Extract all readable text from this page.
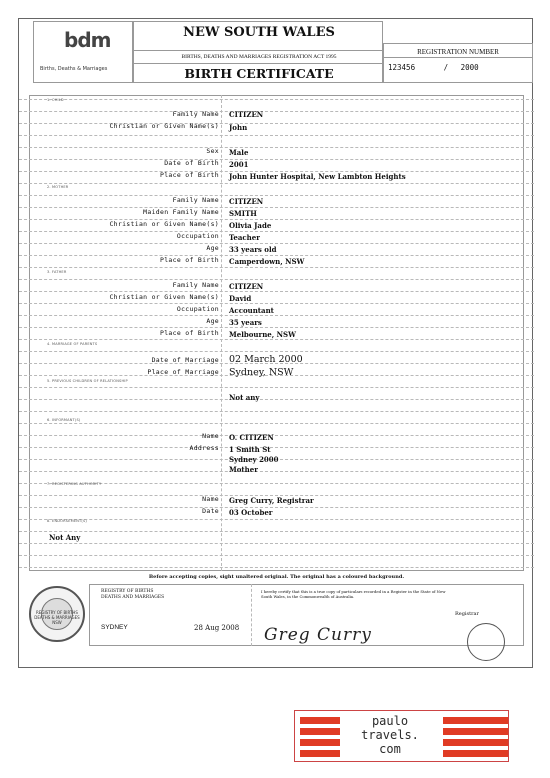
bdm
Births, Deaths & Marriages
NEW SOUTH WALES
BIRTHS, DEATHS AND MARRIAGES REGISTRATION ACT 1995
BIRTH CERTIFICATE
REGISTRATION NUMBER
123456	/ 2000
1. CHILD
Family Name CITIZEN
Christian or Given Name(s) John
Sex Male
Date of Birth 2001
Place of Birth John Hunter Hospital, New Lambton Heights
2. MOTHER
Family Name CITIZEN
Maiden Family Name SMITH
Christian or Given Name(s) Olivia Jade
Occupation Teacher
Age 33 years old
Place of Birth Camperdown, NSW
3. FATHER
Family Name CITIZEN
Christian or Given Name(s) David
Occupation Accountant
Age 35 years
Place of Birth Melbourne, NSW
4. MARRIAGE OF PARENTS
Date of Marriage 02 March 2000
Place of Marriage Sydney, NSW
5. PREVIOUS CHILDREN OF RELATIONSHIP
Not any
6. INFORMANT(S)
Name O. CITIZEN
Address 1 Smith St
Sydney 2000
Mother
7. REGISTERING AUTHORITY
Name Greg Curry, Registrar
Date 03 October
8. ENDORSEMENT(S)
Not Any
Before accepting copies, sight unaltered original. The original has a coloured background.
REGISTRY OF BIRTHS DEATHS & MARRIAGES NSW
REGISTRY OF BIRTHS
DEATHS AND MARRIAGES
I hereby certify that this is a true copy of particulars recorded in a Register in the State of New South Wales, in the Commonwealth of Australia.
Registrar
SYDNEY	28 Aug 2008 Greg Curry
paulo
travels.
com
